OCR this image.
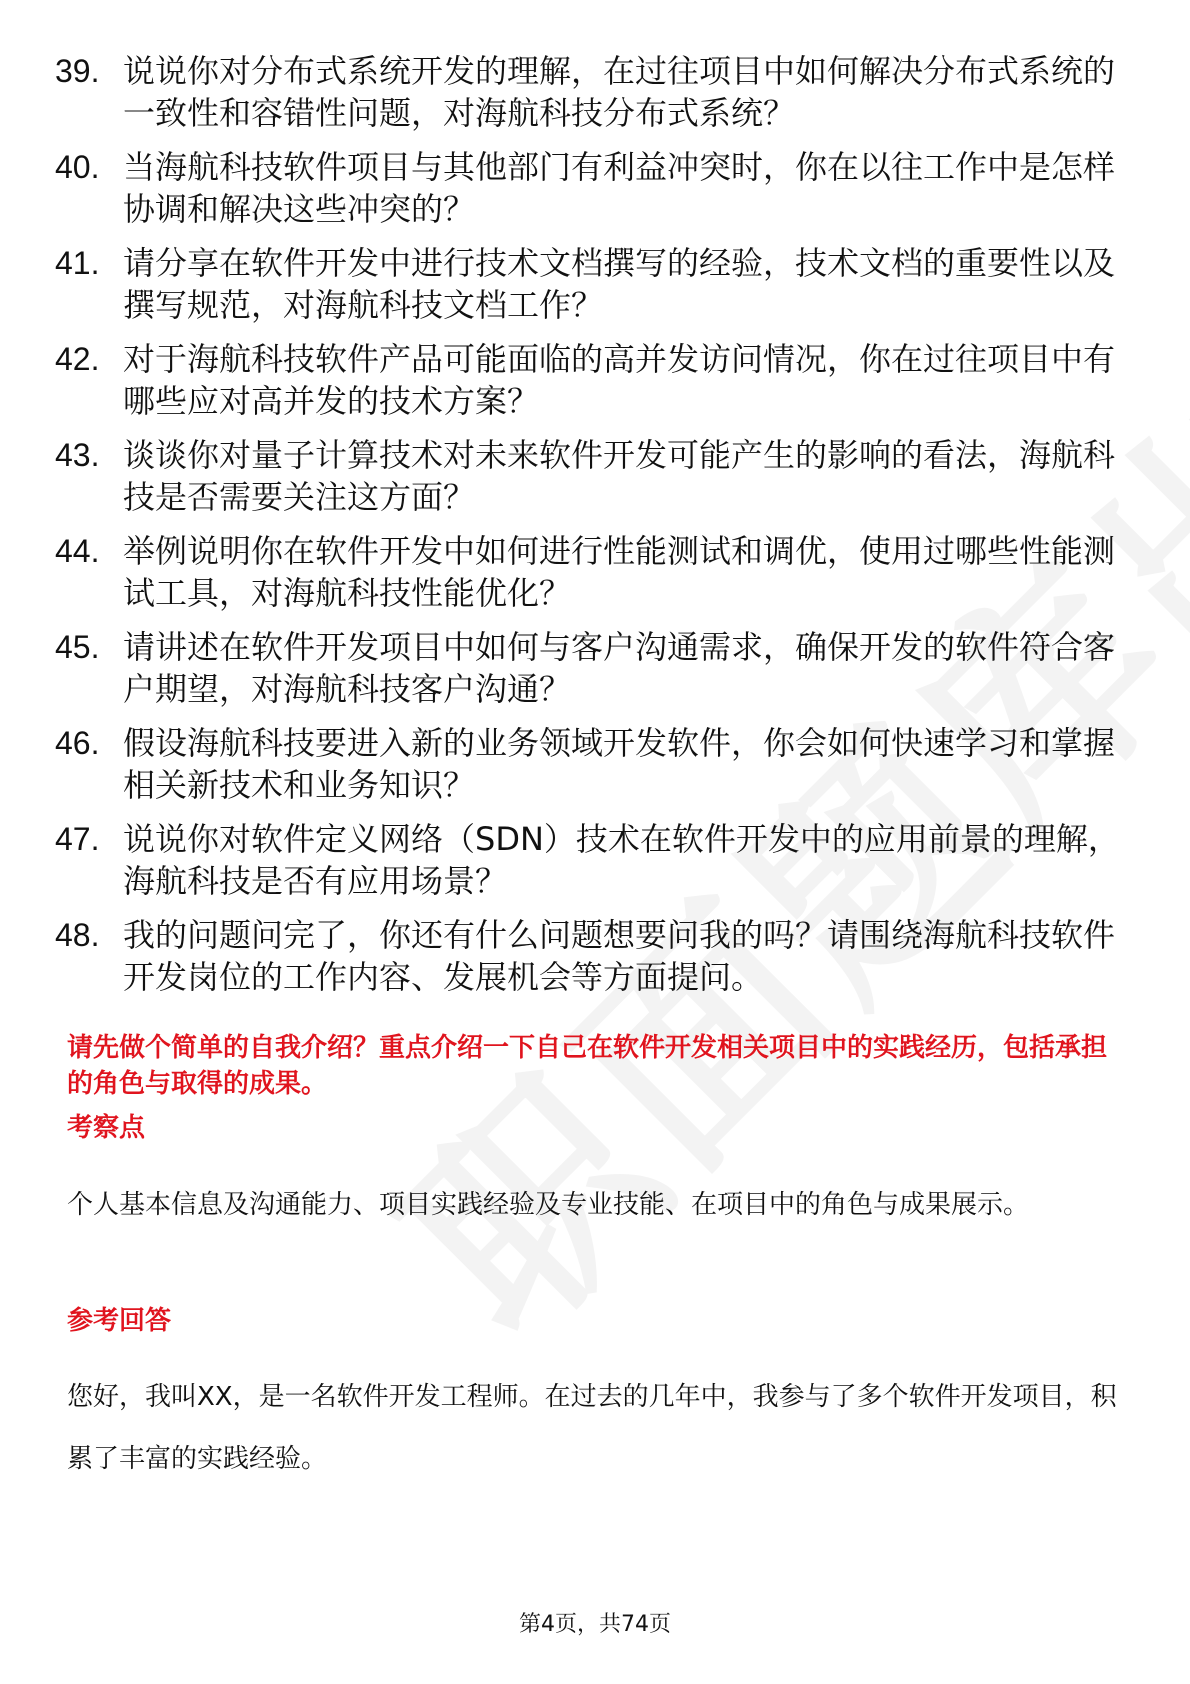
39. 说说你对分布式系统开发的理解，在过往项目中如何解决分布式系统的一致性和容错性问题，对海航科技分布式系统？
40. 当海航科技软件项目与其他部门有利益冲突时，你在以往工作中是怎样协调和解决这些冲突的？
41. 请分享在软件开发中进行技术文档撰写的经验，技术文档的重要性以及撰写规范，对海航科技文档工作？
42. 对于海航科技软件产品可能面临的高并发访问情况，你在过往项目中有哪些应对高并发的技术方案？
43. 谈谈你对量子计算技术对未来软件开发可能产生的影响的看法，海航科技是否需要关注这方面？
44. 举例说明你在软件开发中如何进行性能测试和调优，使用过哪些性能测试工具，对海航科技性能优化？
45. 请讲述在软件开发项目中如何与客户沟通需求，确保开发的软件符合客户期望，对海航科技客户沟通？
46. 假设海航科技要进入新的业务领域开发软件，你会如何快速学习和掌握相关新技术和业务知识？
47. 说说你对软件定义网络（SDN）技术在软件开发中的应用前景的理解，海航科技是否有应用场景？
48. 我的问题问完了，你还有什么问题想要问我的吗？请围绕海航科技软件开发岗位的工作内容、发展机会等方面提问。
请先做个简单的自我介绍？重点介绍一下自己在软件开发相关项目中的实践经历，包括承担的角色与取得的成果。
考察点
个人基本信息及沟通能力、项目实践经验及专业技能、在项目中的角色与成果展示。
参考回答
您好，我叫XX，是一名软件开发工程师。在过去的几年中，我参与了多个软件开发项目，积累了丰富的实践经验。
第4页，共74页
